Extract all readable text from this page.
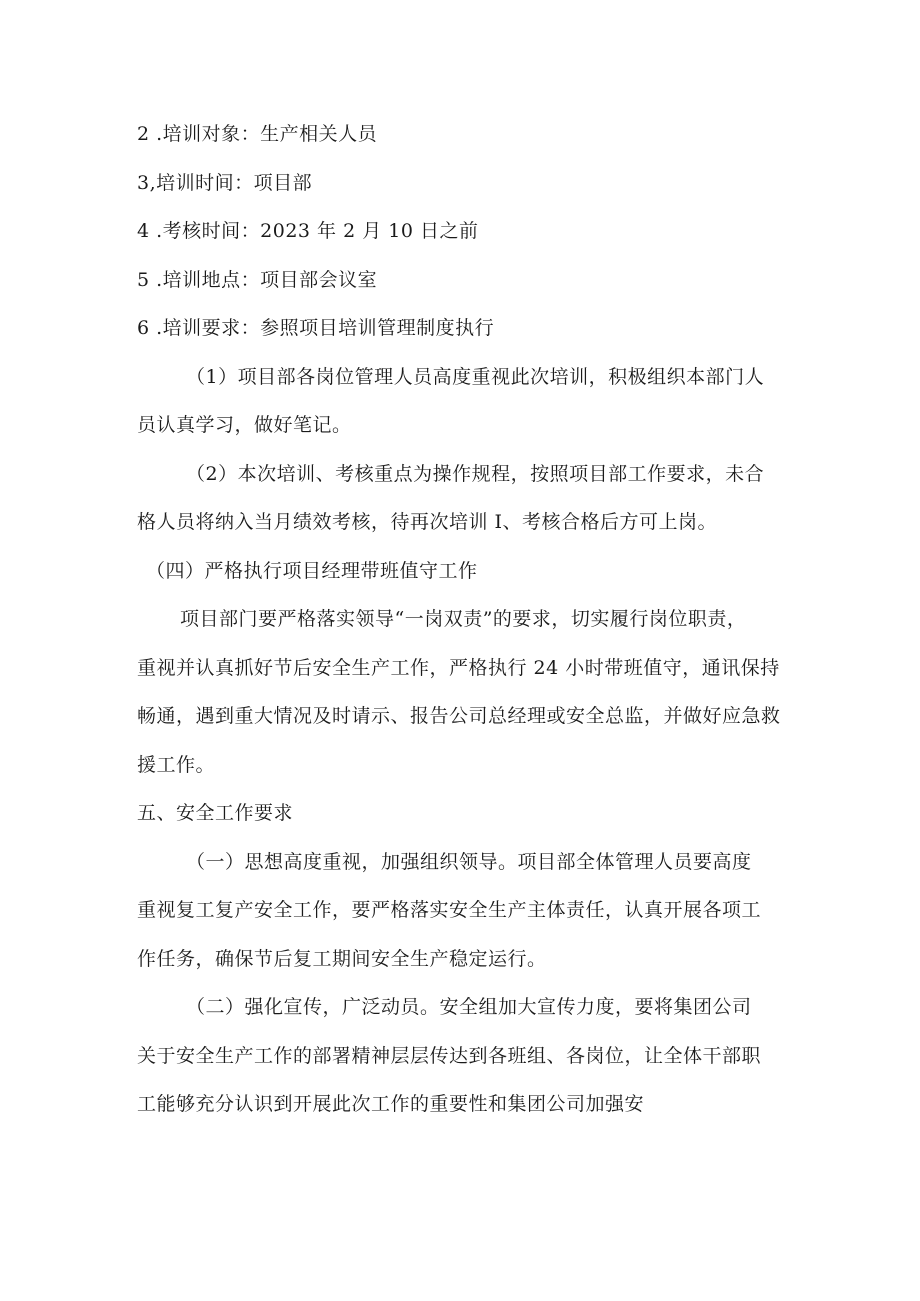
2 .培训对象：生产相关人员
3,培训时间：项目部
4 .考核时间：2023 年 2 月 10 日之前
5 .培训地点：项目部会议室
6 .培训要求：参照项目培训管理制度执行
（1）项目部各岗位管理人员高度重视此次培训，积极组织本部门人
员认真学习，做好笔记。
（2）本次培训、考核重点为操作规程，按照项目部工作要求，未合
格人员将纳入当月绩效考核，待再次培训 I、考核合格后方可上岗。
（四）严格执行项目经理带班值守工作
项目部门要严格落实领导“一岗双责”的要求，切实履行岗位职责，
重视并认真抓好节后安全生产工作，严格执行 24 小时带班值守，通讯保持
畅通，遇到重大情况及时请示、报告公司总经理或安全总监，并做好应急救
援工作。
五、安全工作要求
（一）思想高度重视，加强组织领导。项目部全体管理人员要高度
重视复工复产安全工作，要严格落实安全生产主体责任，认真开展各项工
作任务，确保节后复工期间安全生产稳定运行。
（二）强化宣传，广泛动员。安全组加大宣传力度，要将集团公司
关于安全生产工作的部署精神层层传达到各班组、各岗位，让全体干部职
工能够充分认识到开展此次工作的重要性和集团公司加强安
